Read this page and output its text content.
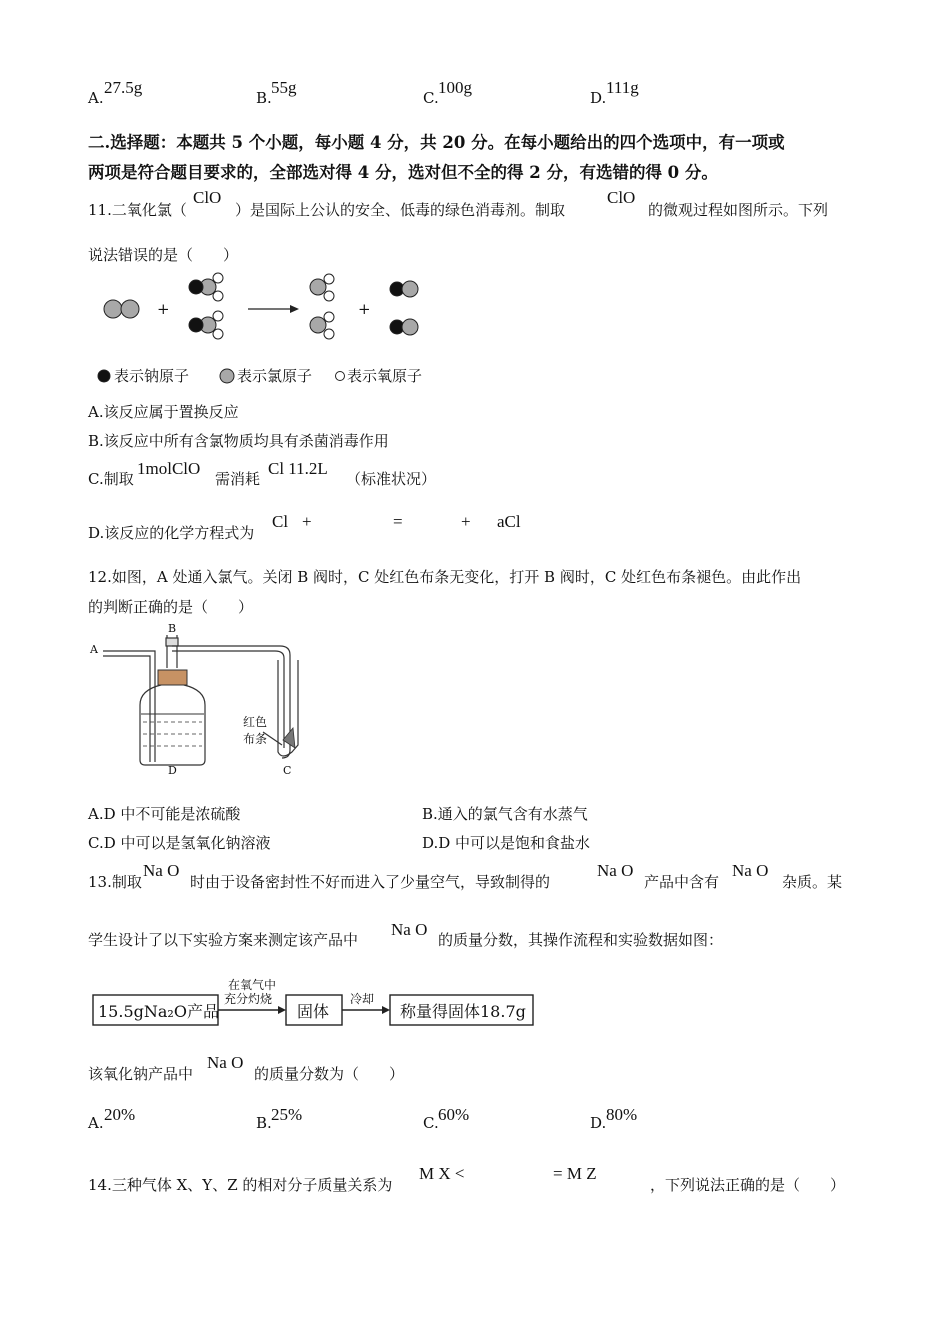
A.
27.5g
B.
55g
C.
100g
D.
111g
二.选择题：本题共 5 个小题，每小题 4 分，共 20 分。在每小题给出的四个选项中，有一项或
两项是符合题目要求的，全部选对得 4 分，选对但不全的得 2 分，有选错的得 0 分。
11.二氧化氯（
ClO
）是国际上公认的安全、低毒的绿色消毒剂。制取
ClO
的微观过程如图所示。下列
说法错误的是（　　）
+	+
表示钠原子	表示氯原子 表示氧原子
A.该反应属于置换反应
B.该反应中所有含氯物质均具有杀菌消毒作用
C.制取
1molClO
需消耗
Cl 11.2L
（标准状况）
D.该反应的化学方程式为
Cl +	=	+ aCl
12.如图，A 处通入氯气。关闭 B 阀时，C 处红色布条无变化，打开 B 阀时，C 处红色布条褪色。由此作出
的判断正确的是（　　）
A
B
D	C
红色
布条
A.D 中不可能是浓硫酸	B.通入的氯气含有水蒸气
C.D 中可以是氢氧化钠溶液	D.D 中可以是饱和食盐水
13.制取
Na O
时由于设备密封性不好而进入了少量空气，导致制得的
Na O
产品中含有
Na O
杂质。某
学生设计了以下实验方案来测定该产品中
Na O
的质量分数，其操作流程和实验数据如图：
15.5gNa₂O产品
在氧气中
充分灼烧
固体
冷却
称量得固体18.7g
该氧化钠产品中
Na O
的质量分数为（　　）
A. 20%	B. 25%	C. 60%	D. 80%
14.三种气体 X、Y、Z 的相对分子质量关系为
M X <	= M Z
，下列说法正确的是（　　）
